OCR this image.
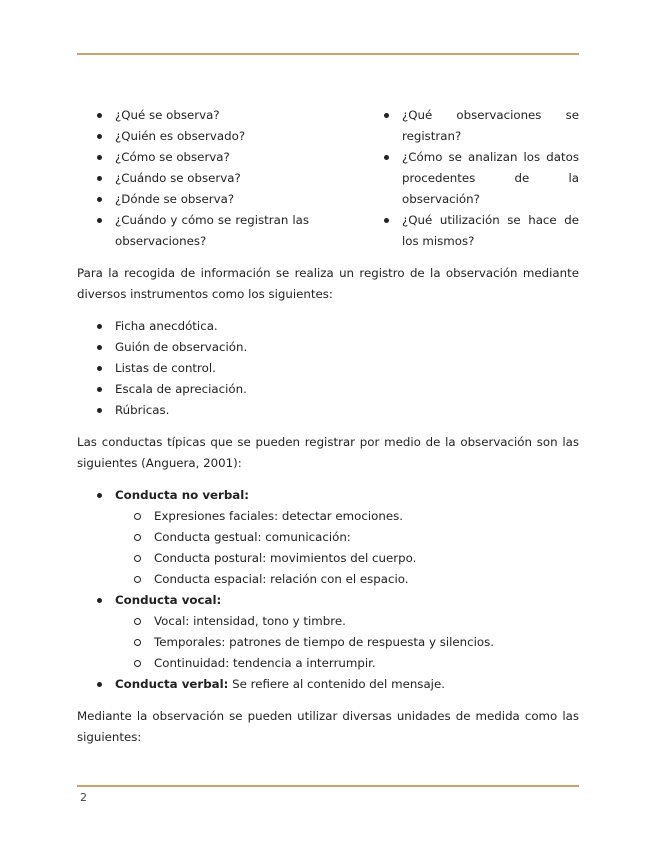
¿Qué se observa?
¿Quién es observado?
¿Cómo se observa?
¿Cuándo se observa?
¿Dónde se observa?
¿Cuándo y cómo se registran las observaciones?
¿Qué observaciones se registran?
¿Cómo se analizan los datos procedentes de la observación?
¿Qué utilización se hace de los mismos?

Para la recogida de información se realiza un registro de la observación mediante diversos instrumentos como los siguientes:

Ficha anecdótica.
Guión de observación.
Listas de control.
Escala de apreciación.
Rúbricas.

Las conductas típicas que se pueden registrar por medio de la observación son las siguientes (Anguera, 2001):

Conducta no verbal:
Expresiones faciales: detectar emociones.
Conducta gestual: comunicación:
Conducta postural: movimientos del cuerpo.
Conducta espacial: relación con el espacio.
Conducta vocal:
Vocal: intensidad, tono y timbre.
Temporales: patrones de tiempo de respuesta y silencios.
Continuidad: tendencia a interrumpir.
Conducta verbal: Se refiere al contenido del mensaje.

Mediante la observación se pueden utilizar diversas unidades de medida como las siguientes:

2
